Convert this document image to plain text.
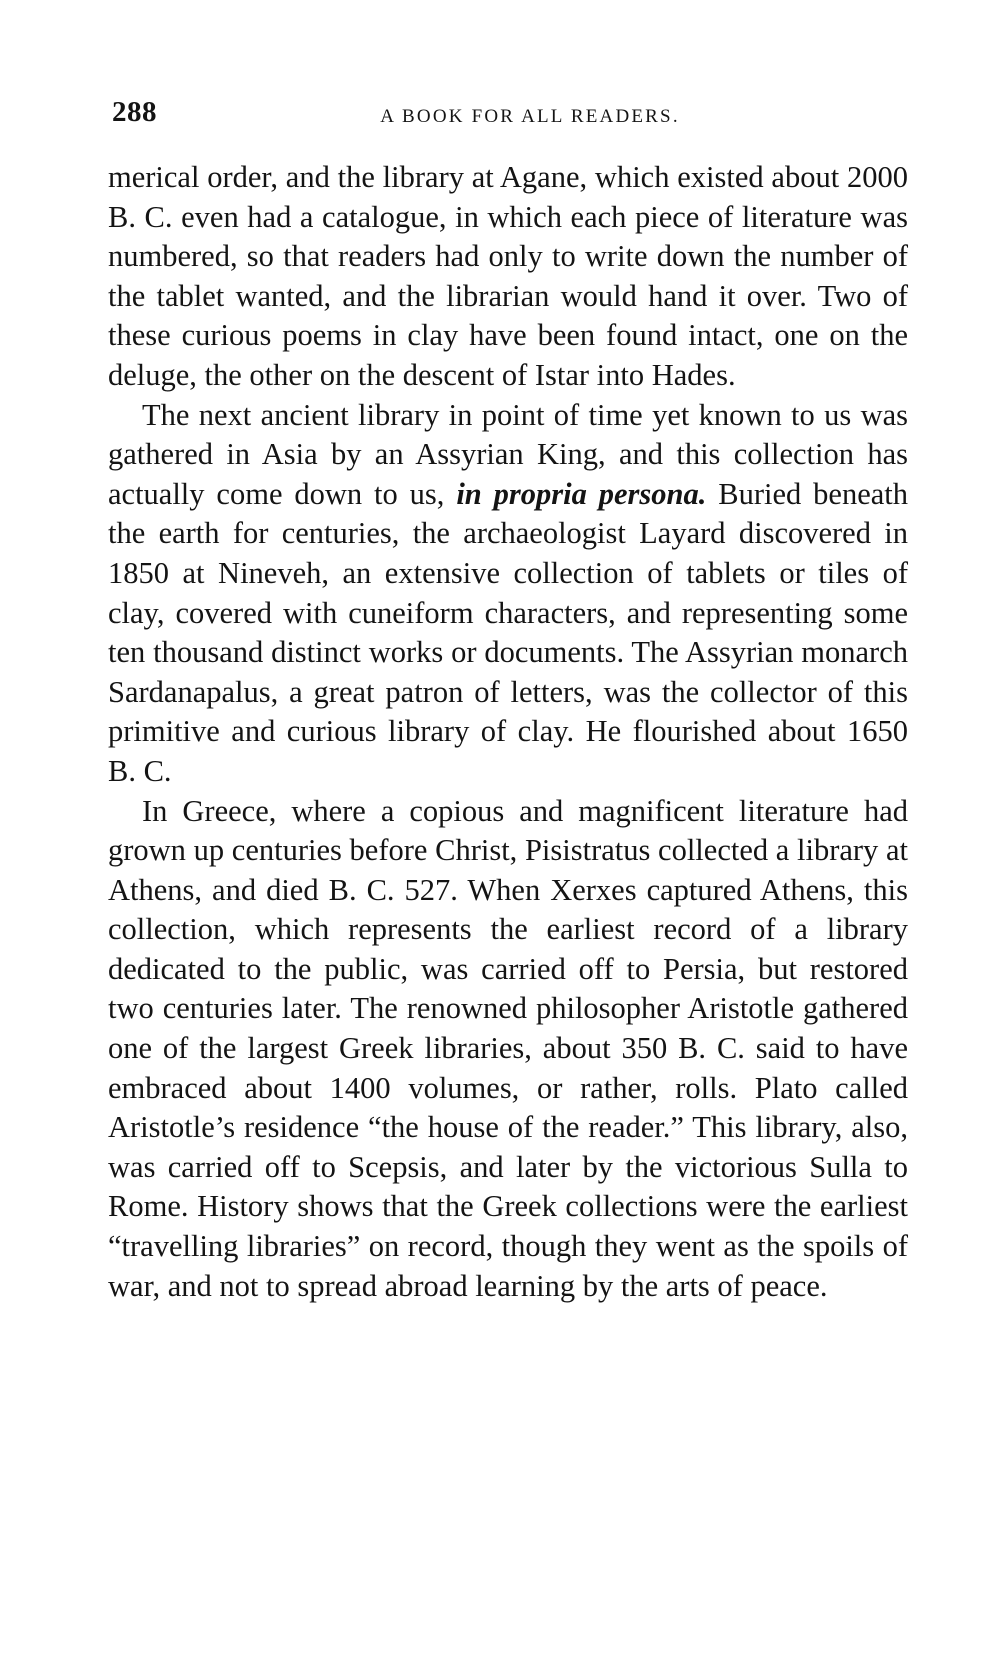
288	A BOOK FOR ALL READERS.

merical order, and the library at Agane, which existed about 2000 B. C. even had a catalogue, in which each piece of literature was numbered, so that readers had only to write down the number of the tablet wanted, and the librarian would hand it over. Two of these curious poems in clay have been found intact, one on the deluge, the other on the descent of Istar into Hades.

The next ancient library in point of time yet known to us was gathered in Asia by an Assyrian King, and this collection has actually come down to us, in propria persona. Buried beneath the earth for centuries, the archaeologist Layard discovered in 1850 at Nineveh, an extensive collection of tablets or tiles of clay, covered with cuneiform characters, and representing some ten thousand distinct works or documents. The Assyrian monarch Sardanapalus, a great patron of letters, was the collector of this primitive and curious library of clay. He flourished about 1650 B. C.

In Greece, where a copious and magnificent literature had grown up centuries before Christ, Pisistratus collected a library at Athens, and died B. C. 527. When Xerxes captured Athens, this collection, which represents the earliest record of a library dedicated to the public, was carried off to Persia, but restored two centuries later. The renowned philosopher Aristotle gathered one of the largest Greek libraries, about 350 B. C. said to have embraced about 1400 volumes, or rather, rolls. Plato called Aristotle’s residence “the house of the reader.” This library, also, was carried off to Scepsis, and later by the victorious Sulla to Rome. History shows that the Greek collections were the earliest “travelling libraries” on record, though they went as the spoils of war, and not to spread abroad learning by the arts of peace.
